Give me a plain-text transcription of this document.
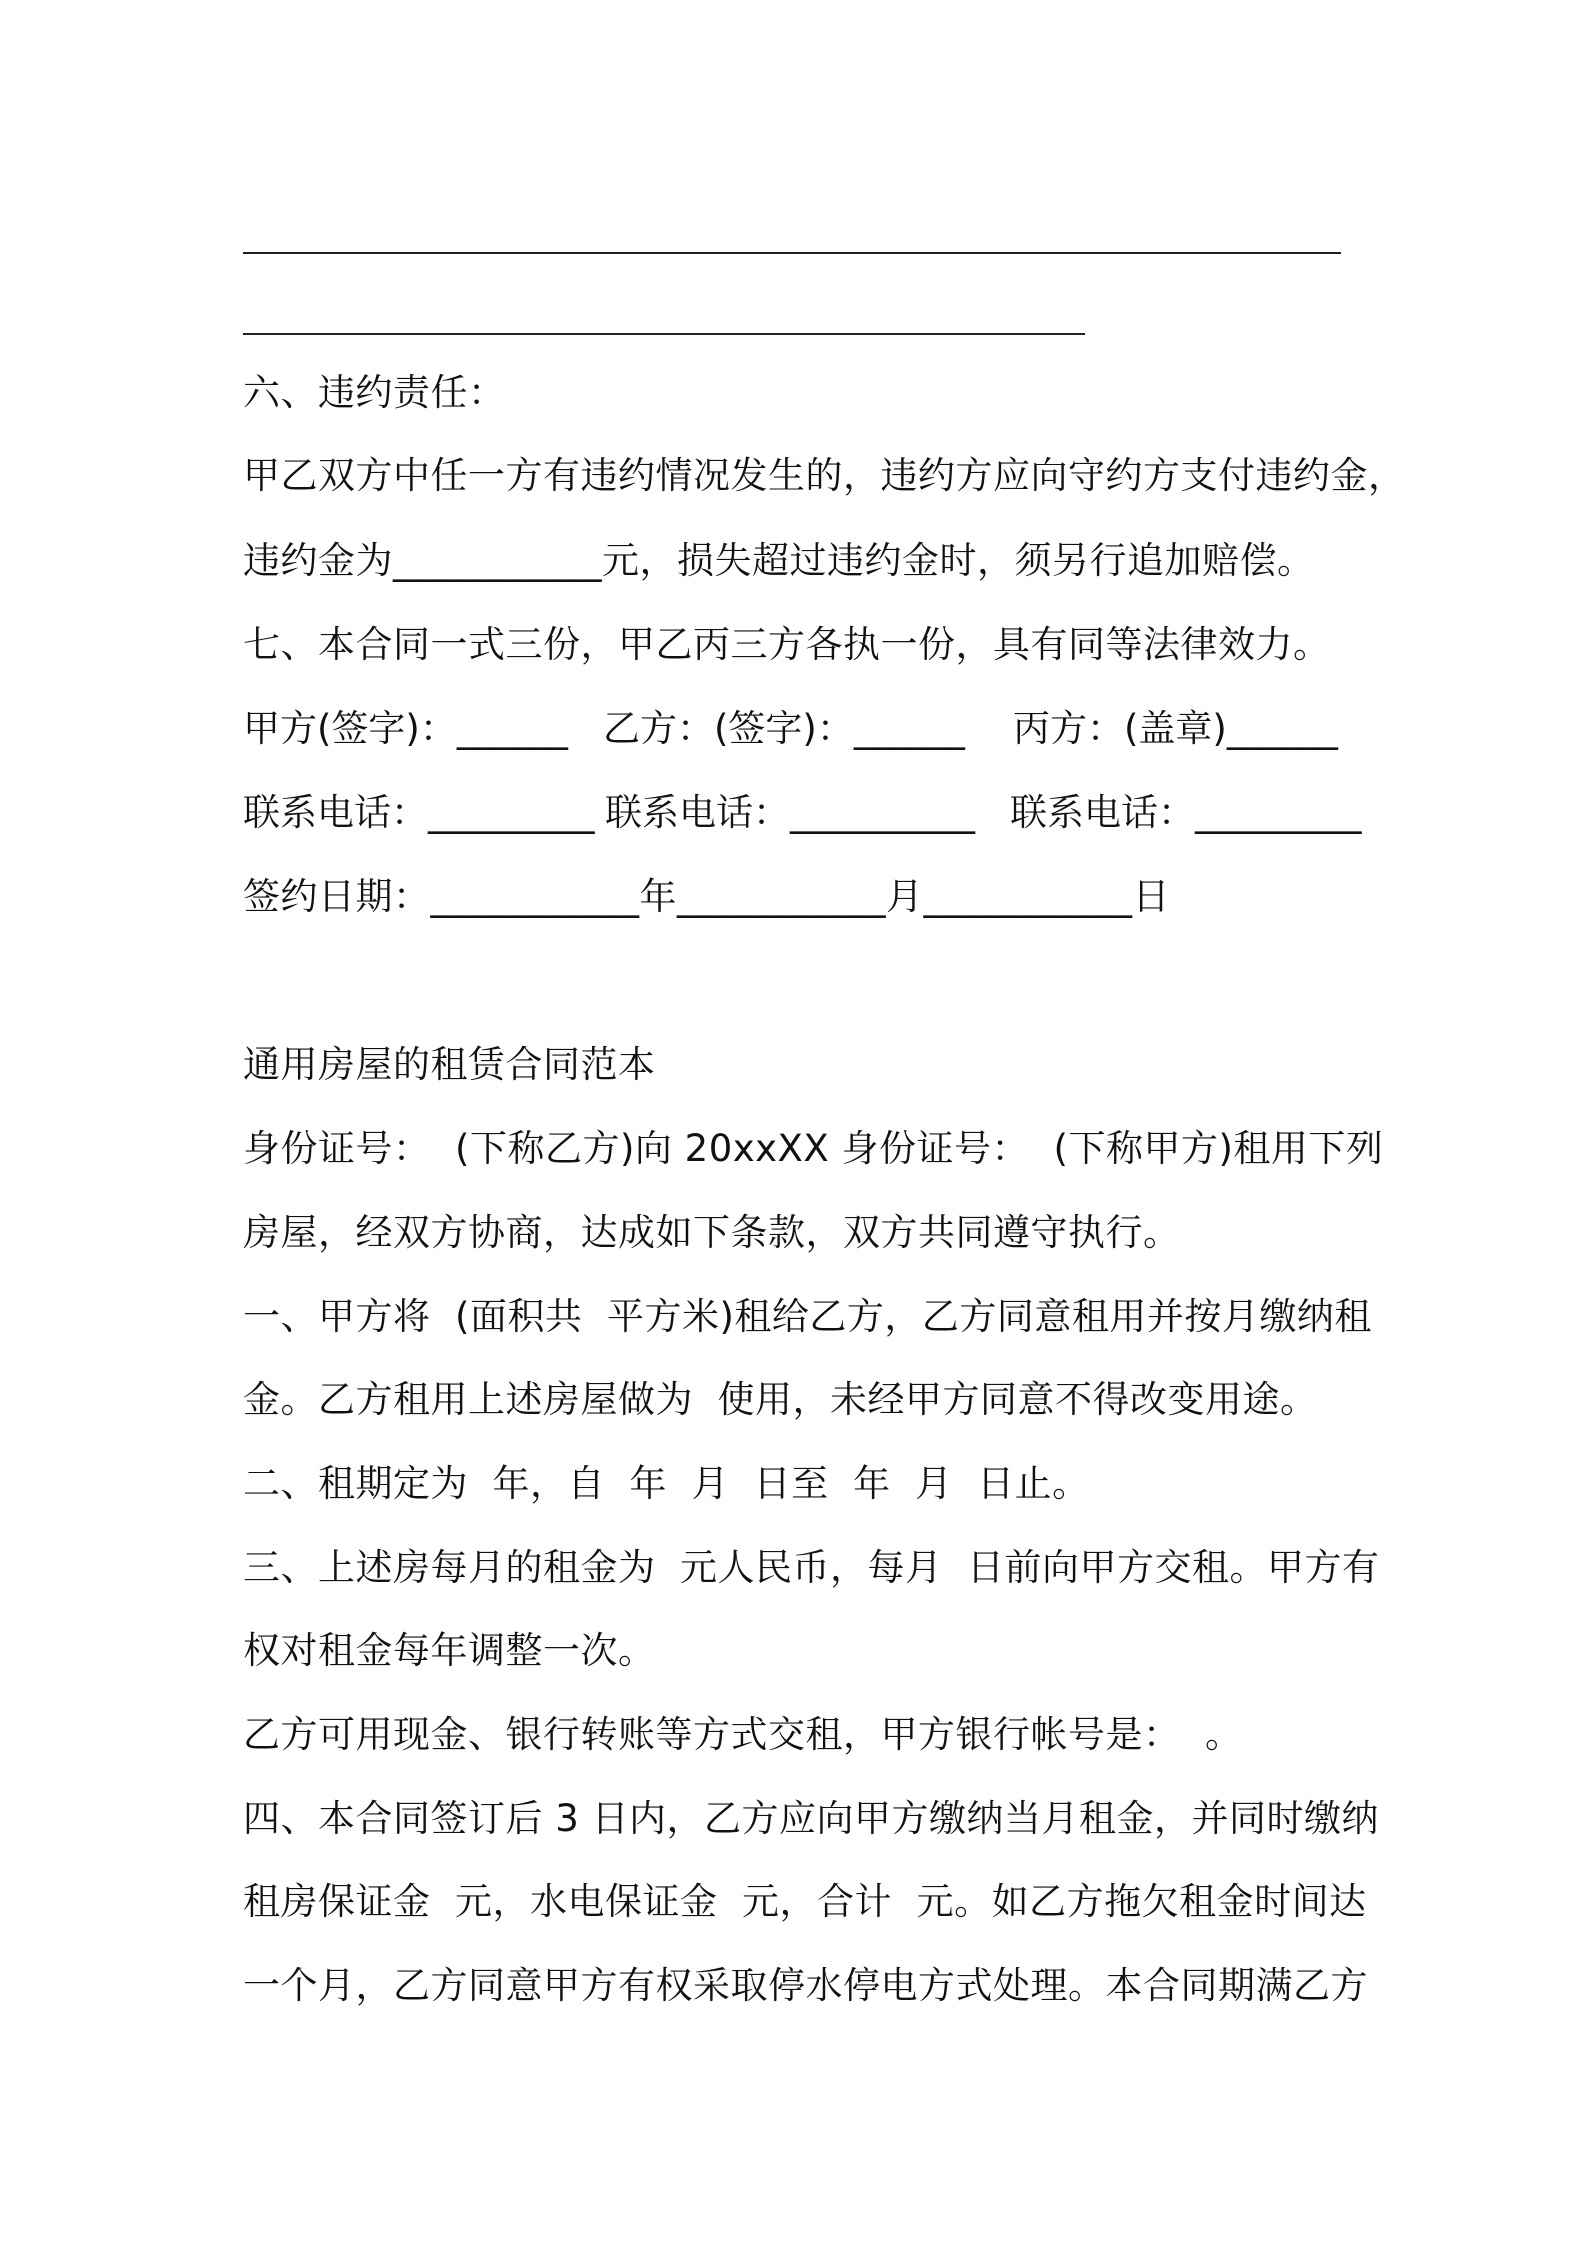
六、违约责任：
甲乙双方中任一方有违约情况发生的，违约方应向守约方支付违约金，
违约金为___________元，损失超过违约金时，须另行追加赔偿。
七、本合同一式三份，甲乙丙三方各执一份，具有同等法律效力。

甲方(签字)：______

乙方：(签字)：______

丙方：(盖章)______

联系电话：_________

联系电话：__________

联系电话：_________

签约日期：___________年___________月___________日
通用房屋的租赁合同范本
身份证号：  (下称乙方)向 20xxXX 身份证号：  (下称甲方)租用下列
房屋，经双方协商，达成如下条款，双方共同遵守执行。
一、甲方将  (面积共  平方米)租给乙方，乙方同意租用并按月缴纳租
金。乙方租用上述房屋做为  使用，未经甲方同意不得改变用途。
二、租期定为  年，自  年  月  日至  年  月  日止。
三、上述房每月的租金为  元人民币，每月  日前向甲方交租。甲方有
权对租金每年调整一次。
乙方可用现金、银行转账等方式交租，甲方银行帐号是：  。
四、本合同签订后 3 日内，乙方应向甲方缴纳当月租金，并同时缴纳
租房保证金  元，水电保证金  元，合计  元。如乙方拖欠租金时间达
一个月，乙方同意甲方有权采取停水停电方式处理。本合同期满乙方
